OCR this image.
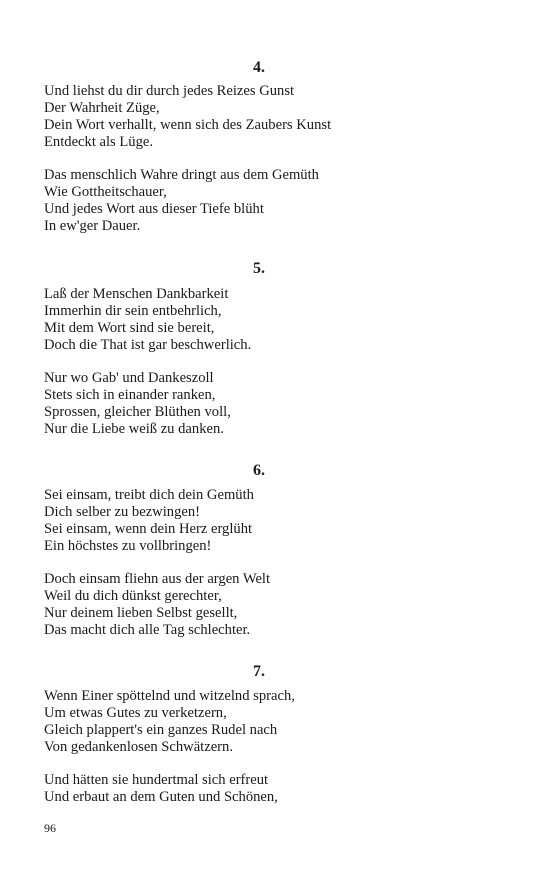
4.
Und liehst du dir durch jedes Reizes Gunst
Der Wahrheit Züge,
Dein Wort verhallt, wenn sich des Zaubers Kunst
Entdeckt als Lüge.
Das menschlich Wahre dringt aus dem Gemüth
Wie Gottheitschauer,
Und jedes Wort aus dieser Tiefe blüht
In ew'ger Dauer.
5.
Laß der Menschen Dankbarkeit
Immerhin dir sein entbehrlich,
Mit dem Wort sind sie bereit,
Doch die That ist gar beschwerlich.
Nur wo Gab' und Dankeszoll
Stets sich in einander ranken,
Sprossen, gleicher Blüthen voll,
Nur die Liebe weiß zu danken.
6.
Sei einsam, treibt dich dein Gemüth
Dich selber zu bezwingen!
Sei einsam, wenn dein Herz erglüht
Ein höchstes zu vollbringen!
Doch einsam fliehn aus der argen Welt
Weil du dich dünkst gerechter,
Nur deinem lieben Selbst gesellt,
Das macht dich alle Tag schlechter.
7.
Wenn Einer spöttelnd und witzelnd sprach,
Um etwas Gutes zu verketzern,
Gleich plappert's ein ganzes Rudel nach
Von gedankenlosen Schwätzern.
Und hätten sie hundertmal sich erfreut
Und erbaut an dem Guten und Schönen,
96
